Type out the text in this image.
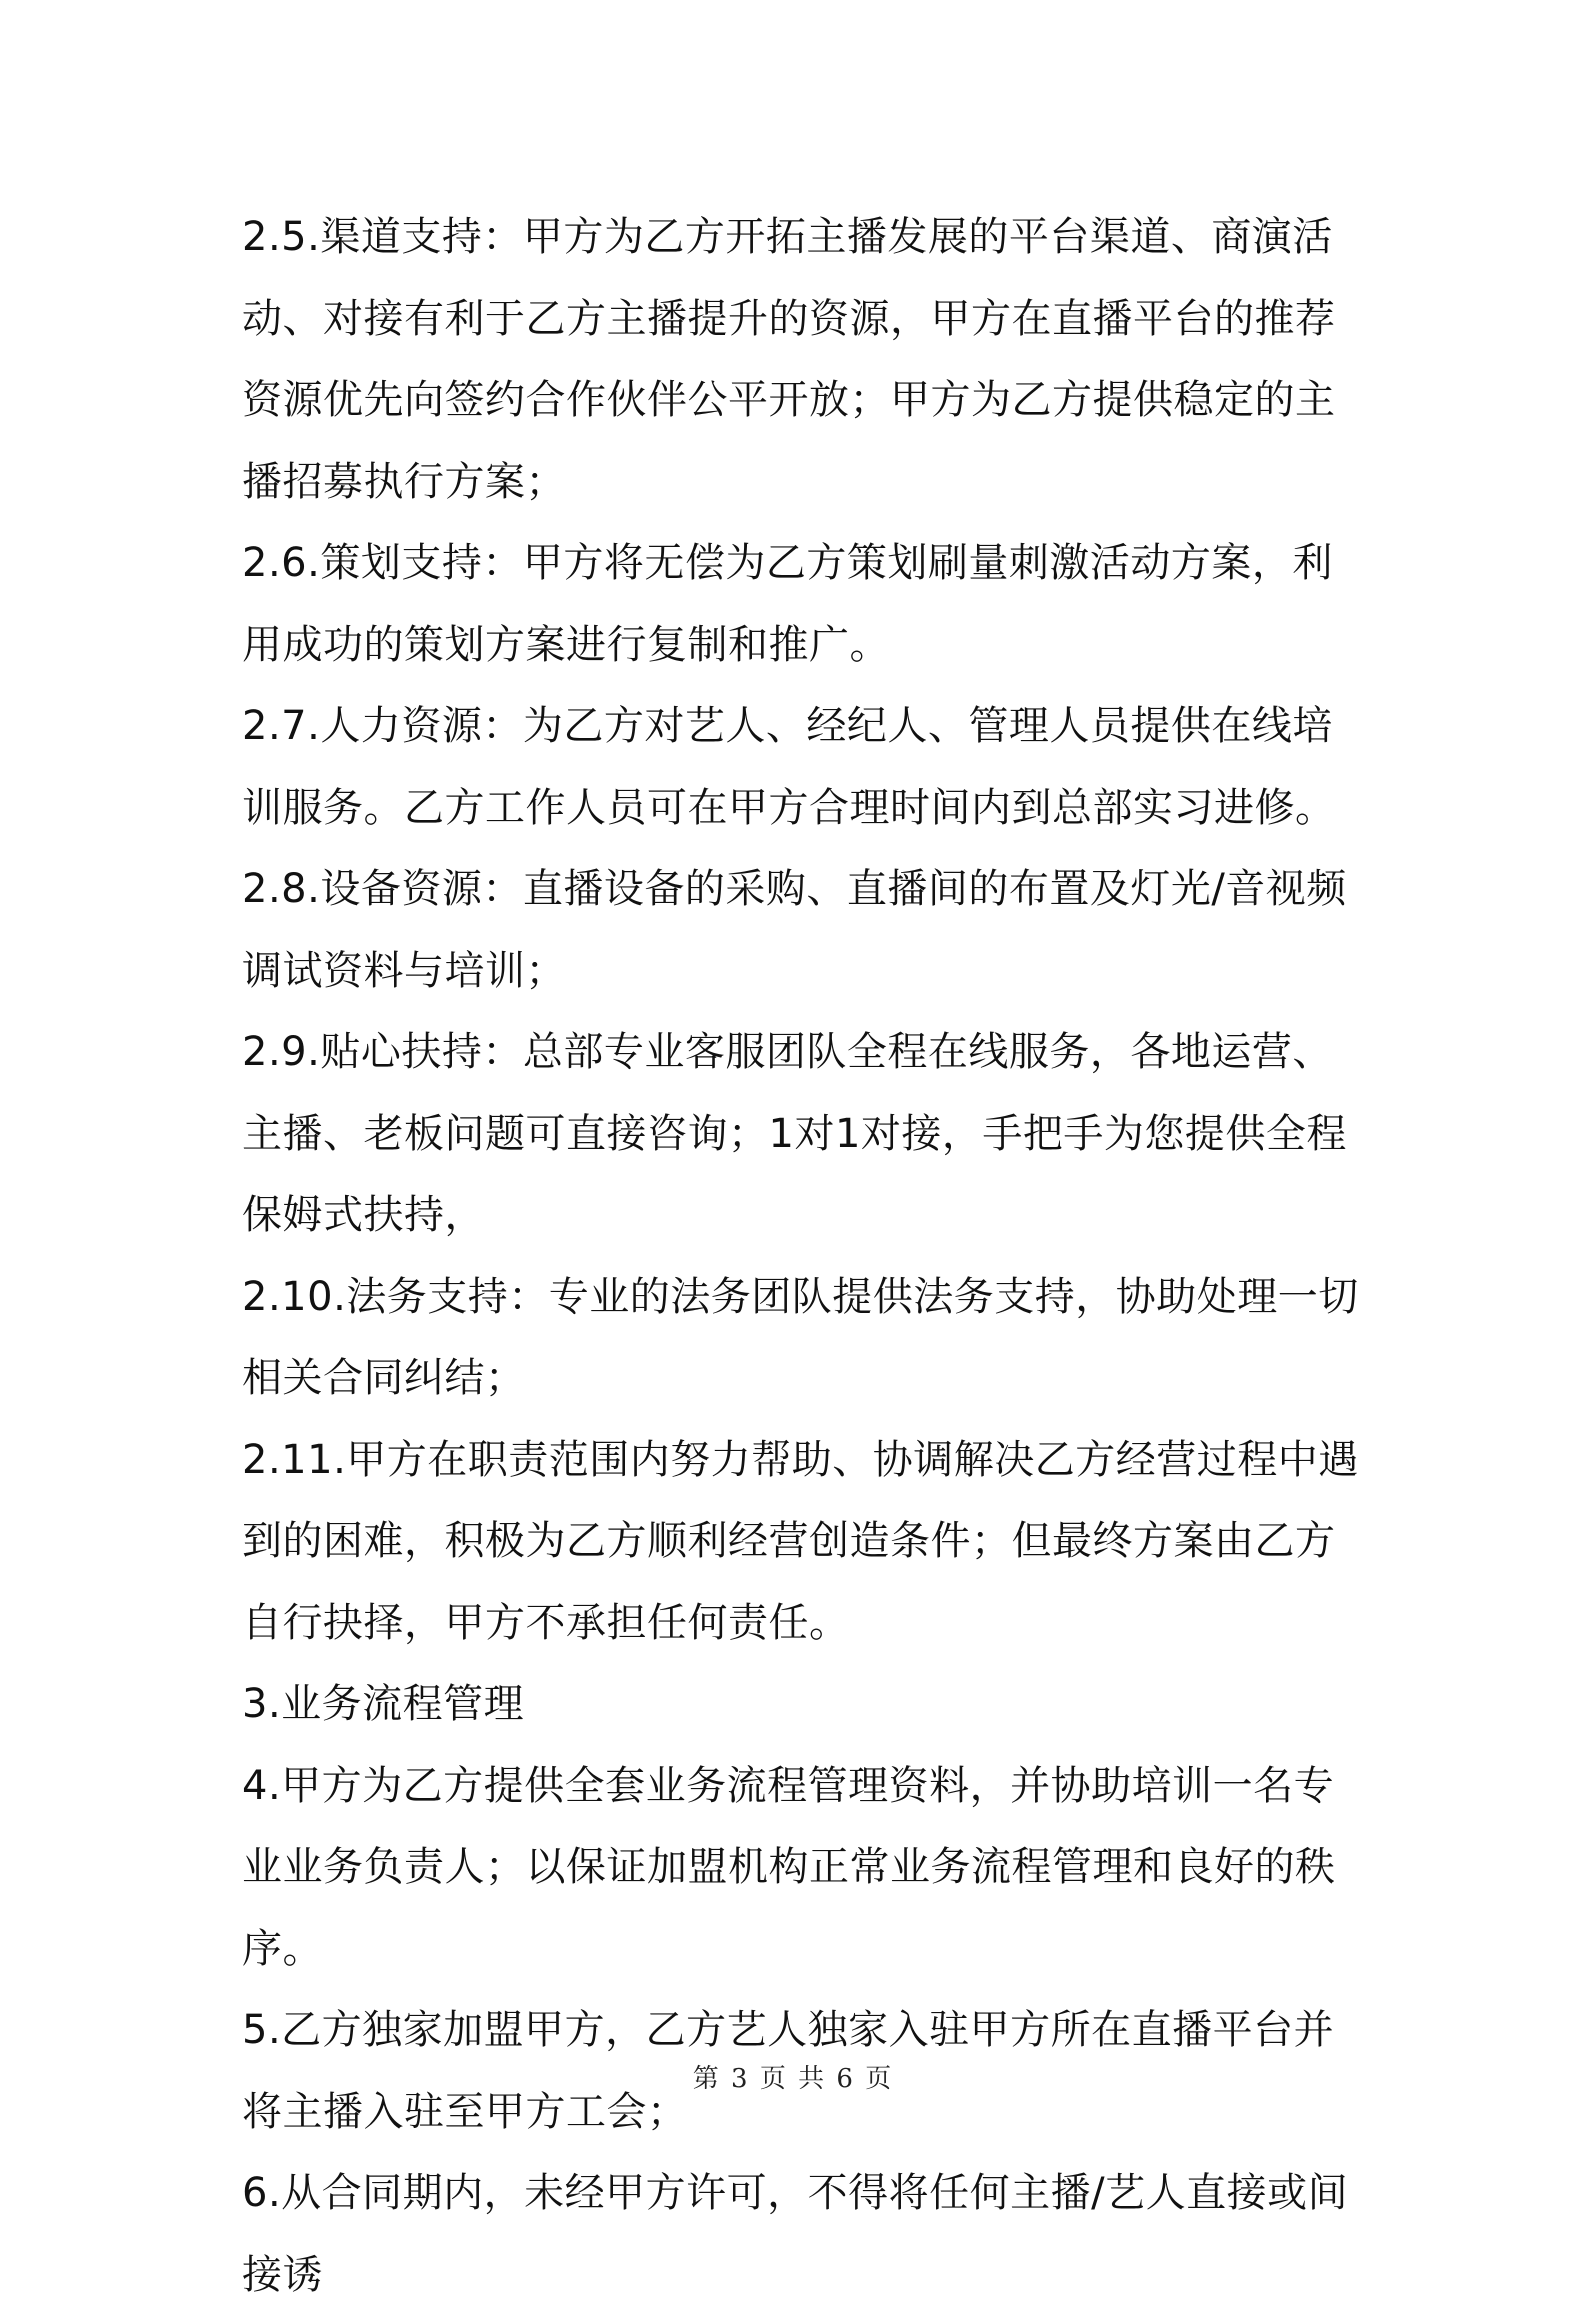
2.5.渠道支持：甲方为乙方开拓主播发展的平台渠道、商演活动、对接有利于乙方主播提升的资源，甲方在直播平台的推荐资源优先向签约合作伙伴公平开放；甲方为乙方提供稳定的主播招募执行方案；

2.6.策划支持：甲方将无偿为乙方策划刷量刺激活动方案，利用成功的策划方案进行复制和推广。

2.7.人力资源：为乙方对艺人、经纪人、管理人员提供在线培训服务。乙方工作人员可在甲方合理时间内到总部实习进修。

2.8.设备资源：直播设备的采购、直播间的布置及灯光/音视频调试资料与培训；

2.9.贴心扶持：总部专业客服团队全程在线服务，各地运营、主播、老板问题可直接咨询；1对1对接，手把手为您提供全程保姆式扶持，

2.10.法务支持：专业的法务团队提供法务支持，协助处理一切相关合同纠结；

2.11.甲方在职责范围内努力帮助、协调解决乙方经营过程中遇到的困难，积极为乙方顺利经营创造条件；但最终方案由乙方自行抉择，甲方不承担任何责任。

3.业务流程管理

4.甲方为乙方提供全套业务流程管理资料，并协助培训一名专业业务负责人；以保证加盟机构正常业务流程管理和良好的秩序。

5.乙方独家加盟甲方，乙方艺人独家入驻甲方所在直播平台并将主播入驻至甲方工会；

6.从合同期内，未经甲方许可，不得将任何主播/艺人直接或间接诱

第 3 页 共 6 页
